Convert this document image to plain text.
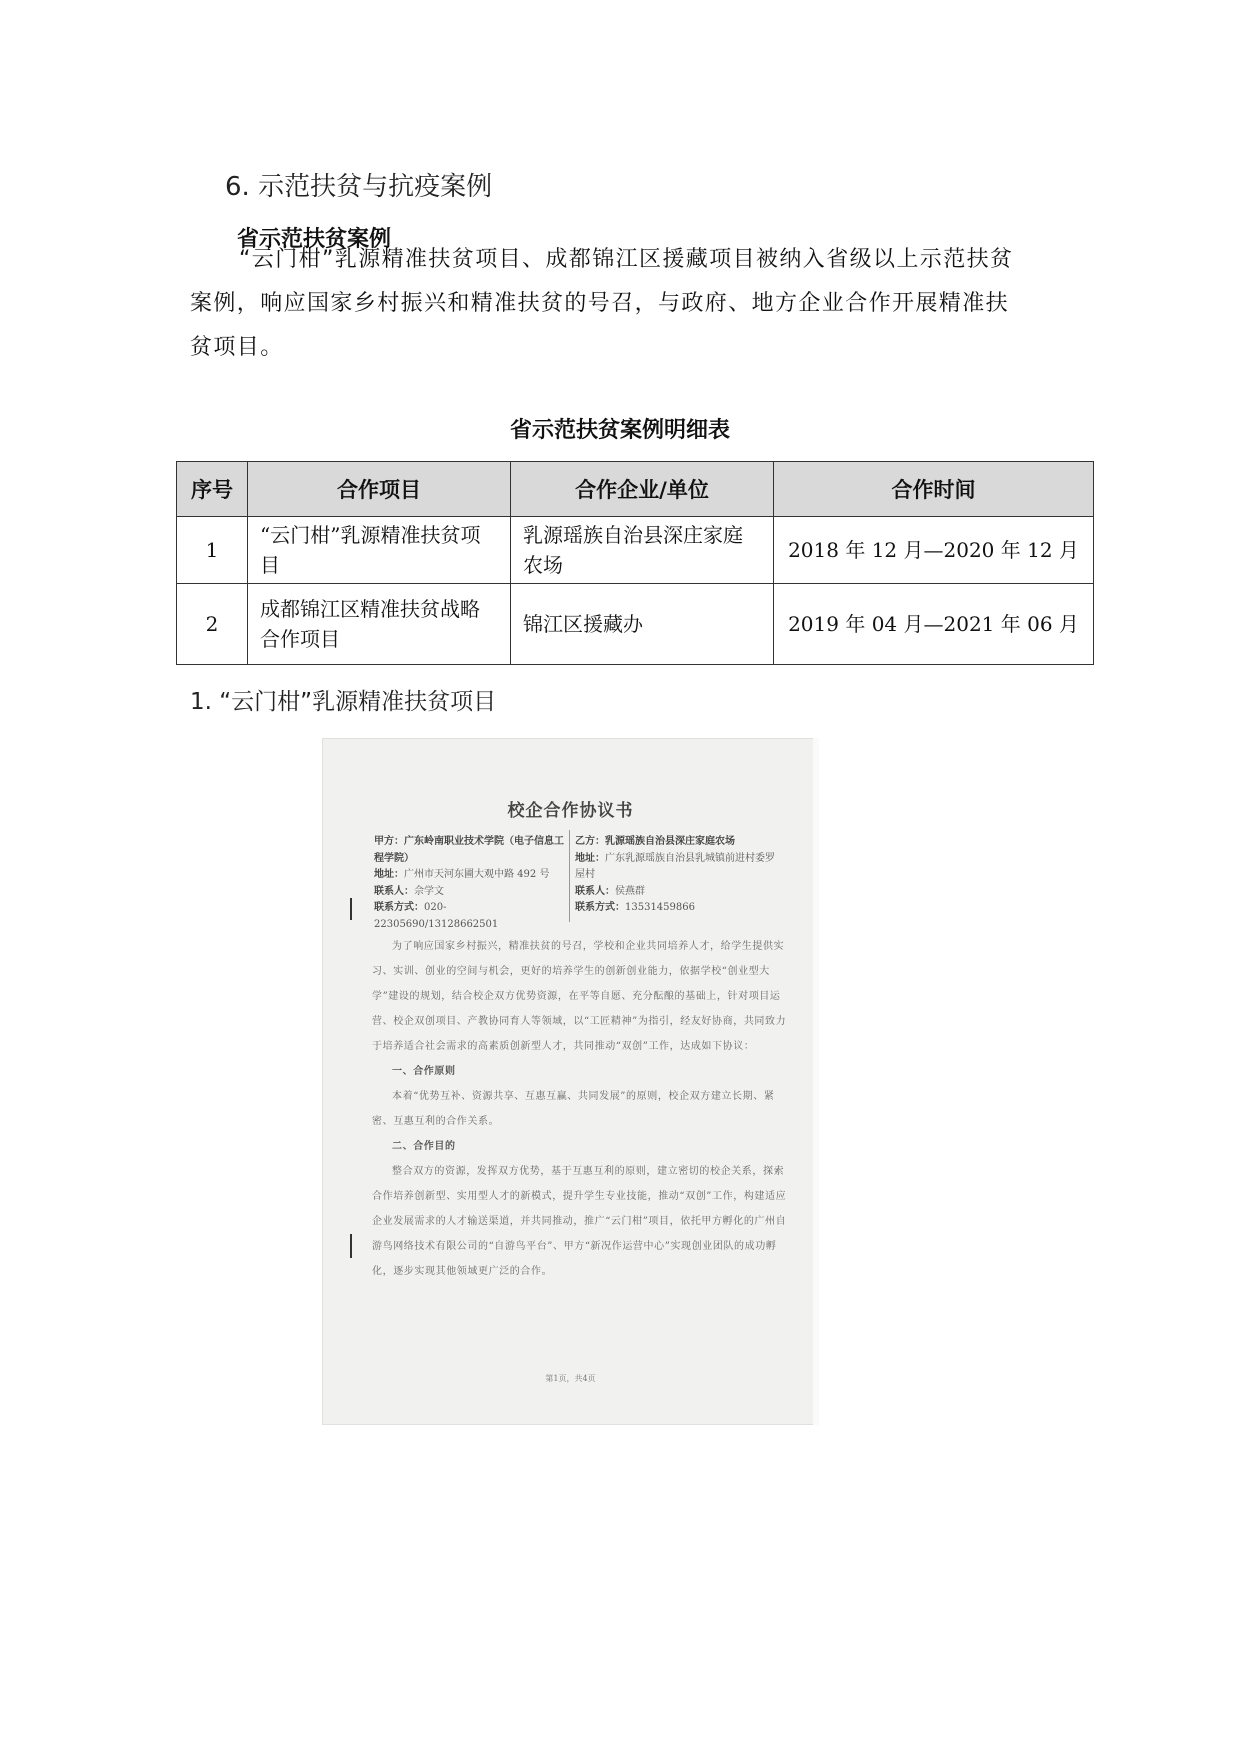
6. 示范扶贫与抗疫案例
省示范扶贫案例

“云门柑”乳源精准扶贫项目、成都锦江区援藏项目被纳入省级以上示范扶贫

案例，响应国家乡村振兴和精准扶贫的号召，与政府、地方企业合作开展精准扶

贫项目。

省示范扶贫案例明细表
序号	合作项目	合作企业/单位	合作时间
1	“云门柑”乳源精准扶贫项目	乳源瑶族自治县深庄家庭农场	2018 年 12 月—2020 年 12 月
2	成都锦江区精准扶贫战略合作项目	锦江区援藏办	2019 年 04 月—2021 年 06 月
1. “云门柑”乳源精准扶贫项目
校企合作协议书
甲方：广东岭南职业技术学院（电子信息工程学院）
地址：广州市天河东圃大观中路 492 号
联系人：佘学文
联系方式：020-22305690/13128662501
乙方：乳源瑶族自治县深庄家庭农场
地址：广东乳源瑶族自治县乳城镇前进村委罗屋村
联系人：侯燕群
联系方式：13531459866

为了响应国家乡村振兴，精准扶贫的号召，学校和企业共同培养人才，给学生提供实习、实训、创业的空间与机会，更好的培养学生的创新创业能力，依据学校“创业型大学”建设的规划，结合校企双方优势资源，在平等自愿、充分酝酿的基础上，针对项目运营、校企双创项目、产教协同育人等领域，以“工匠精神”为指引，经友好协商，共同致力于培养适合社会需求的高素质创新型人才，共同推动“双创”工作，达成如下协议：

一、合作原则

本着“优势互补、资源共享、互惠互赢、共同发展”的原则，校企双方建立长期、紧密、互惠互利的合作关系。

二、合作目的

整合双方的资源，发挥双方优势，基于互惠互利的原则，建立密切的校企关系，探索合作培养创新型、实用型人才的新模式，提升学生专业技能，推动“双创”工作，构建适应企业发展需求的人才输送渠道，并共同推动，推广“云门柑”项目，依托甲方孵化的广州自游鸟网络技术有限公司的“自游鸟平台”、甲方“新况作运营中心”实现创业团队的成功孵化，逐步实现其他领域更广泛的合作。

第1页，共4页
